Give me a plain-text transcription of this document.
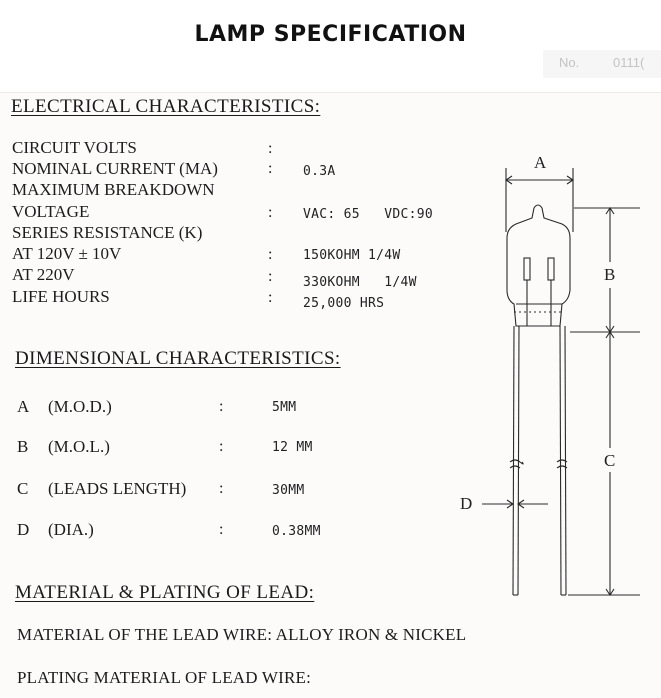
LAMP SPECIFICATION
No.	0111(
ELECTRICAL CHARACTERISTICS:
CIRCUIT VOLTS	:
NOMINAL CURRENT (MA)	: 0.3A
MAXIMUM BREAKDOWN
VOLTAGE	: VAC: 65   VDC:90
SERIES RESISTANCE (K)
AT 120V ± 10V	: 150KOHM 1/4W
AT 220V	: 330KOHM   1/4W
LIFE HOURS	: 25,000 HRS
DIMENSIONAL CHARACTERISTICS:
A (M.O.D.)	:	5MM
B (M.O.L.)	:	12 MM
C (LEADS LENGTH) :	30MM
D (DIA.)	:	0.38MM
MATERIAL & PLATING OF LEAD:
MATERIAL OF THE LEAD WIRE: ALLOY IRON & NICKEL
PLATING MATERIAL OF LEAD WIRE:
A
B
C
D
